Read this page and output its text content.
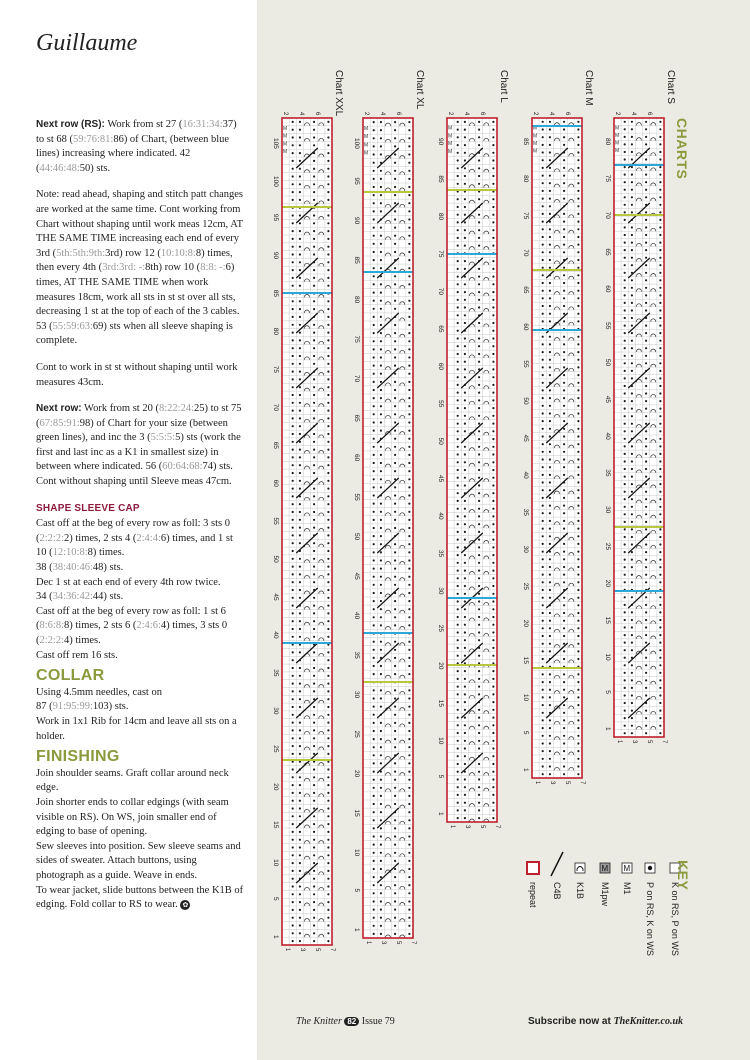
Guillaume

Next row (RS): Work from st 27 (16:31:34:37) to st 68 (59:76:81:86) of Chart, (between blue lines) increasing where indicated. 42 (44:46:48:50) sts.

Note: read ahead, shaping and stitch patt changes are worked at the same time. Cont working from Chart without shaping until work meas 12cm, AT THE SAME TIME increasing each end of every 3rd (5th:5th:9th:3rd) row 12 (10:10:8:8) times, then every 4th (3rd:3rd: -:8th) row 10 (8:8: -:6) times, AT THE SAME TIME when work measures 18cm, work all sts in st st over all sts, decreasing 1 st at the top of each of the 3 cables. 53 (55:59:63:69) sts when all sleeve shaping is complete.

Cont to work in st st without shaping until work measures 43cm.

Next row: Work from st 20 (8:22:24:25) to st 75 (67:85:91:98) of Chart for your size (between green lines), and inc the 3 (5:5:5:5) sts (work the first and last inc as a K1 in smallest size) in between where indicated. 56 (60:64:68:74) sts. Cont without shaping until Sleeve meas 47cm.

SHAPE SLEEVE CAP
Cast off at the beg of every row as foll: 3 sts 0 (2:2:2:2) times, 2 sts 4 (2:4:4:6) times, and 1 st 10 (12:10:8:8) times.
38 (38:40:46:48) sts.
Dec 1 st at each end of every 4th row twice.
34 (34:36:42:44) sts.
Cast off at the beg of every row as foll: 1 st 6 (8:6:8:8) times, 2 sts 6 (2:4:6:4) times, 3 sts 0 (2:2:2:4) times.
Cast off rem 16 sts.
COLLAR
Using 4.5mm needles, cast on
87 (91:95:99:103) sts.
Work in 1x1 Rib for 14cm and leave all sts on a holder.
FINISHING
Join shoulder seams. Graft collar around neck edge.
Join shorter ends to collar edgings (with seam visible on RS). On WS, join smaller end of edging to base of opening.
Sew sleeves into position. Sew sleeve seams and sides of sweater. Attach buttons, using photograph as a guide. Weave in ends.
To wear jacket, slide buttons between the K1B of edging. Fold collar to RS to wear. ✿
CHARTS
M
M
M
M
80
75
70
65
60
55
50
45
40
35
30
25
20
15
10
5
1
2 4 6
1 3 5 7
Chart S
M
M
M
M
85
80
75
70
65
60
55
50
45
40
35
30
25
20
15
10
5
1
2 4 6
1 3 5 7
Chart M
M
M
M
M
90
85
80
75
70
65
60
55
50
45
40
35
30
25
20
15
10
5
1
2 4 6
1 3 5 7
Chart L
M
M
M
M
100
95
90
85
80
75
70
65
60
55
50
45
40
35
30
25
20
15
10
5
1
2 4 6
1 3 5 7
Chart XL
M
M
M
M
105
100
95
90
85
80
75
70
65
60
55
50
45
40
35
30
25
20
15
10
5
1
2 4 6
1 3 5 7
Chart XXL
K on RS, P on WS
P on RS, K on WS
M
M1
M
M1pw
K1B
C4B
repeat
KEY
The Knitter 82 Issue 79	Subscribe now at TheKnitter.co.uk
